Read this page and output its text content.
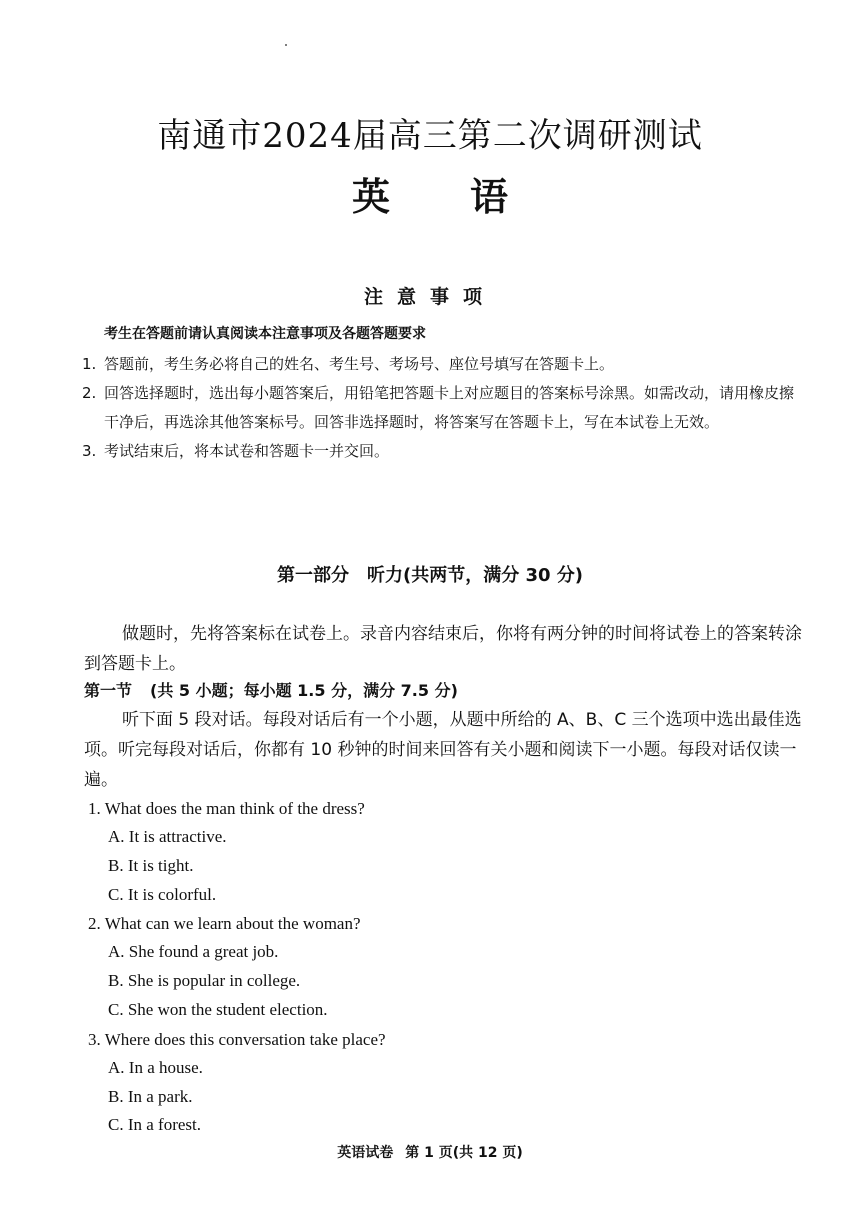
南通市2024届高三第二次调研测试
英 语
注意事项
考生在答题前请认真阅读本注意事项及各题答题要求
1. 答题前，考生务必将自己的姓名、考生号、考场号、座位号填写在答题卡上。
2. 回答选择题时，选出每小题答案后，用铅笔把答题卡上对应题目的答案标号涂黑。如需改动，请用橡皮擦干净后，再选涂其他答案标号。回答非选择题时，将答案写在答题卡上，写在本试卷上无效。
3. 考试结束后，将本试卷和答题卡一并交回。
第一部分　听力(共两节，满分 30 分)
做题时，先将答案标在试卷上。录音内容结束后，你将有两分钟的时间将试卷上的答案转涂到答题卡上。
第一节 (共 5 小题；每小题 1.5 分，满分 7.5 分)
听下面 5 段对话。每段对话后有一个小题，从题中所给的 A、B、C 三个选项中选出最佳选项。听完每段对话后，你都有 10 秒钟的时间来回答有关小题和阅读下一小题。每段对话仅读一遍。
1. What does the man think of the dress?
A. It is attractive.
B. It is tight.
C. It is colorful.
2. What can we learn about the woman?
A. She found a great job.
B. She is popular in college.
C. She won the student election.
3. Where does this conversation take place?
A. In a house.
B. In a park.
C. In a forest.
英语试卷 第 1 页(共 12 页)
